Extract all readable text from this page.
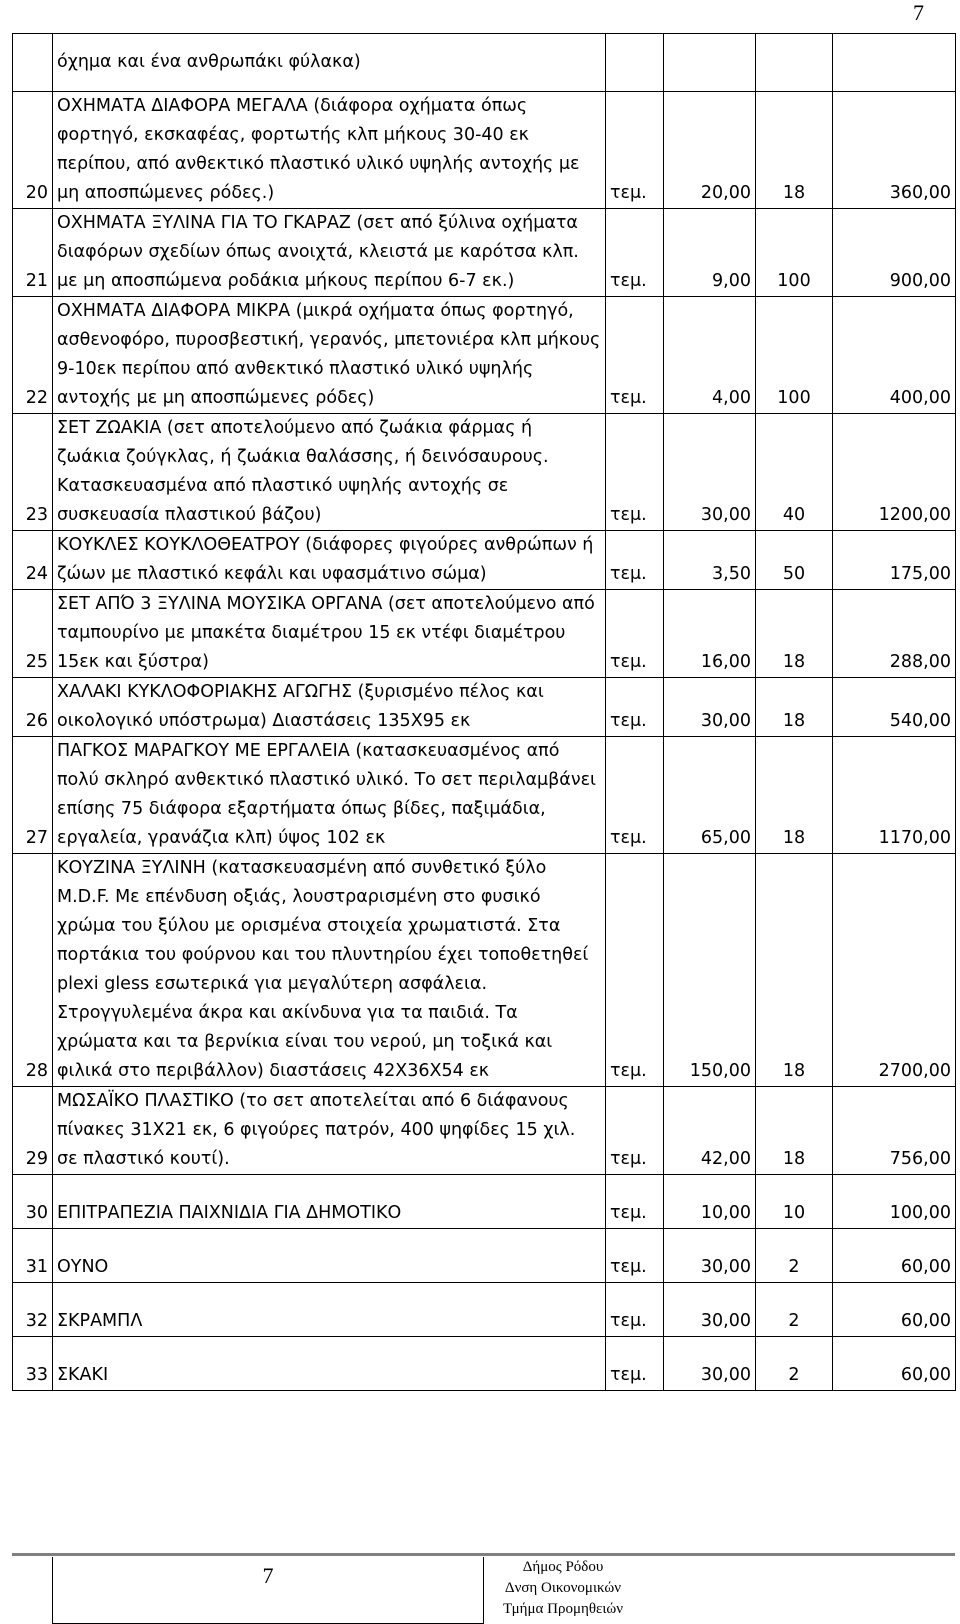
7
	όχημα και ένα ανθρωπάκι φύλακα)				
20	ΟΧΗΜΑΤΑ ΔΙΑΦΟΡΑ ΜΕΓΑΛΑ (διάφορα οχήματα όπως φορτηγό, εκσκαφέας, φορτωτής κλπ μήκους 30-40 εκ περίπου, από ανθεκτικό πλαστικό υλικό υψηλής αντοχής με μη αποσπώμενες ρόδες.)	τεμ.	20,00	18	360,00
21	ΟΧΗΜΑΤΑ ΞΥΛΙΝΑ ΓΙΑ ΤΟ ΓΚΑΡΑΖ (σετ από ξύλινα οχήματα διαφόρων σχεδίων όπως ανοιχτά, κλειστά με καρότσα κλπ. με μη αποσπώμενα ροδάκια μήκους περίπου 6-7 εκ.)	τεμ.	9,00	100	900,00
22	ΟΧΗΜΑΤΑ ΔΙΑΦΟΡΑ ΜΙΚΡΑ (μικρά οχήματα όπως φορτηγό, ασθενοφόρο, πυροσβεστική, γερανός, μπετονιέρα κλπ μήκους 9-10εκ περίπου από ανθεκτικό πλαστικό υλικό υψηλής αντοχής με μη αποσπώμενες ρόδες)	τεμ.	4,00	100	400,00
23	ΣΕΤ ΖΩΑΚΙΑ (σετ αποτελούμενο από ζωάκια φάρμας ή ζωάκια ζούγκλας, ή ζωάκια θαλάσσης, ή δεινόσαυρους. Κατασκευασμένα από πλαστικό υψηλής αντοχής σε συσκευασία πλαστικού βάζου)	τεμ.	30,00	40	1200,00
24	ΚΟΥΚΛΕΣ ΚΟΥΚΛΟΘΕΑΤΡΟΥ (διάφορες φιγούρες ανθρώπων ή ζώων με πλαστικό κεφάλι και υφασμάτινο σώμα)	τεμ.	3,50	50	175,00
25	ΣΕΤ ΑΠΌ 3 ΞΥΛΙΝΑ ΜΟΥΣΙΚΑ ΟΡΓΑΝΑ (σετ αποτελούμενο από ταμπουρίνο με μπακέτα διαμέτρου 15 εκ ντέφι διαμέτρου 15εκ και ξύστρα)	τεμ.	16,00	18	288,00
26	ΧΑΛΑΚΙ ΚΥΚΛΟΦΟΡΙΑΚΗΣ ΑΓΩΓΗΣ (ξυρισμένο πέλος και οικολογικό υπόστρωμα) Διαστάσεις 135Χ95 εκ	τεμ.	30,00	18	540,00
27	ΠΑΓΚΟΣ ΜΑΡΑΓΚΟΥ ΜΕ ΕΡΓΑΛΕΙΑ (κατασκευασμένος από πολύ σκληρό ανθεκτικό πλαστικό υλικό. Το σετ περιλαμβάνει επίσης 75 διάφορα εξαρτήματα όπως βίδες, παξιμάδια, εργαλεία, γρανάζια κλπ) ύψος 102 εκ	τεμ.	65,00	18	1170,00
28	ΚΟΥΖΙΝΑ ΞΥΛΙΝΗ (κατασκευασμένη από συνθετικό ξύλο M.D.F. Με επένδυση οξιάς, λουστραρισμένη στο φυσικό χρώμα του ξύλου με ορισμένα στοιχεία χρωματιστά. Στα πορτάκια του φούρνου και του πλυντηρίου έχει τοποθετηθεί plexi gless εσωτερικά για μεγαλύτερη ασφάλεια. Στρογγυλεμένα άκρα και ακίνδυνα για τα παιδιά. Τα χρώματα και τα βερνίκια είναι του νερού, μη τοξικά και φιλικά στο περιβάλλον) διαστάσεις 42Χ36Χ54 εκ	τεμ.	150,00	18	2700,00
29	ΜΩΣΑΪΚΟ ΠΛΑΣΤΙΚΟ (το σετ αποτελείται από 6 διάφανους πίνακες 31Χ21 εκ, 6 φιγούρες πατρόν, 400 ψηφίδες 15 χιλ. σε πλαστικό κουτί).	τεμ.	42,00	18	756,00
30	ΕΠΙΤΡΑΠΕΖΙΑ ΠΑΙΧΝΙΔΙΑ ΓΙΑ ΔΗΜΟΤΙΚΟ	τεμ.	10,00	10	100,00
31	ΟΥΝΟ	τεμ.	30,00	2	60,00
32	ΣΚΡΑΜΠΛ	τεμ.	30,00	2	60,00
33	ΣΚΑΚΙ	τεμ.	30,00	2	60,00
7	Δήμος Ρόδου
Δνση Οικονομικών
Τμήμα Προμηθειών
